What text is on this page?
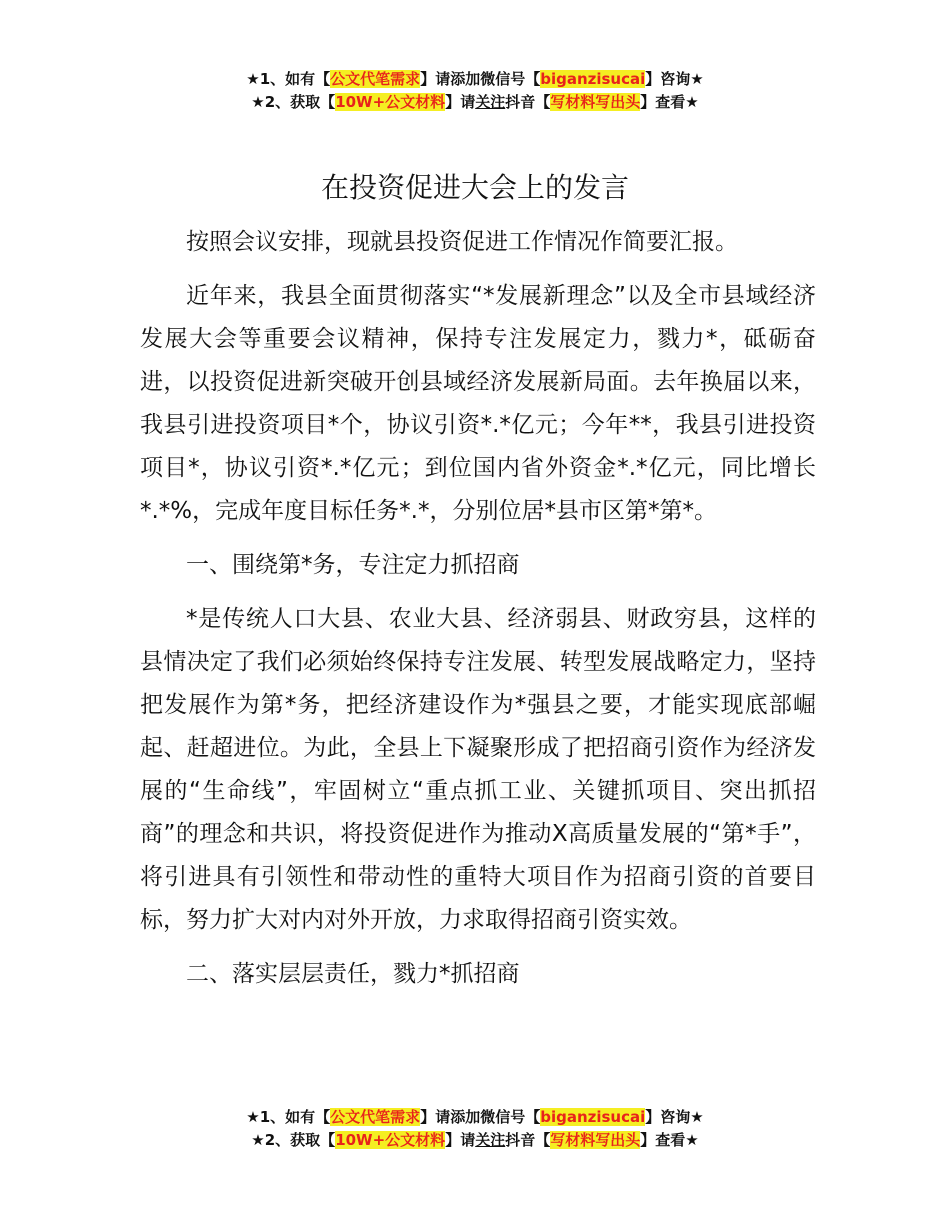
★1、如有【公文代笔需求】请添加微信号【biganzisucai】咨询★
★2、获取【10W+公文材料】请关注抖音【写材料写出头】查看★
在投资促进大会上的发言

按照会议安排，现就县投资促进工作情况作简要汇报。

近年来，我县全面贯彻落实“*发展新理念”以及全市县域经济发展大会等重要会议精神，保持专注发展定力，戮力*，砥砺奋进，以投资促进新突破开创县域经济发展新局面。去年换届以来，我县引进投资项目*个，协议引资*.*亿元；今年**，我县引进投资项目*，协议引资*.*亿元；到位国内省外资金*.*亿元，同比增长*.*%，完成年度目标任务*.*，分别位居*县市区第*第*。

一、围绕第*务，专注定力抓招商

*是传统人口大县、农业大县、经济弱县、财政穷县，这样的县情决定了我们必须始终保持专注发展、转型发展战略定力，坚持把发展作为第*务，把经济建设作为*强县之要，才能实现底部崛起、赶超进位。为此，全县上下凝聚形成了把招商引资作为经济发展的“生命线”，牢固树立“重点抓工业、关键抓项目、突出抓招商”的理念和共识，将投资促进作为推动X高质量发展的“第*手”，将引进具有引领性和带动性的重特大项目作为招商引资的首要目标，努力扩大对内对外开放，力求取得招商引资实效。

二、落实层层责任，戮力*抓招商

★1、如有【公文代笔需求】请添加微信号【biganzisucai】咨询★
★2、获取【10W+公文材料】请关注抖音【写材料写出头】查看★
